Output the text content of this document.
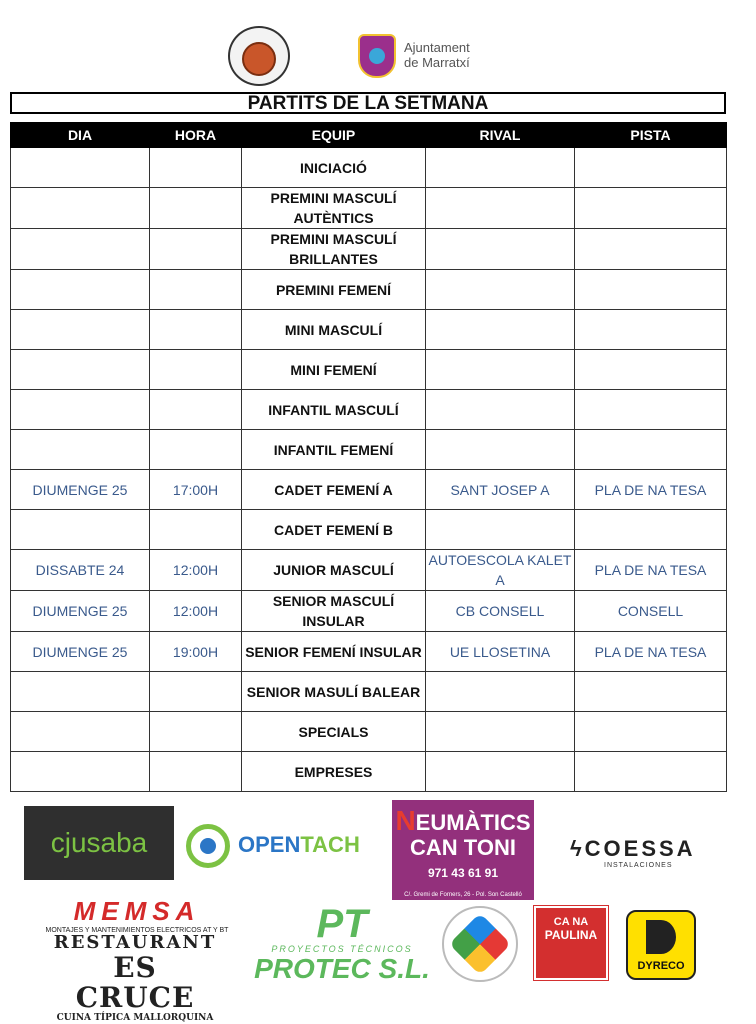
Ajuntament
de Marratxí
PARTITS DE LA SETMANA
DIA	HORA	EQUIP	RIVAL	PISTA
		INICIACIÓ		
		PREMINI MASCULÍ AUTÈNTICS		
		PREMINI MASCULÍ BRILLANTES		
		PREMINI FEMENÍ		
		MINI MASCULÍ		
		MINI FEMENÍ		
		INFANTIL MASCULÍ		
		INFANTIL FEMENÍ		
DIUMENGE 25	17:00H	CADET FEMENÍ A	SANT JOSEP A	PLA DE NA TESA
		CADET FEMENÍ B		
DISSABTE 24	12:00H	JUNIOR MASCULÍ	AUTOESCOLA KALET A	PLA DE NA TESA
DIUMENGE 25	12:00H	SENIOR MASCULÍ INSULAR	CB CONSELL	CONSELL
DIUMENGE 25	19:00H	SENIOR FEMENÍ INSULAR	UE LLOSETINA	PLA DE NA TESA
		SENIOR MASULÍ BALEAR		
		SPECIALS		
		EMPRESES		
cjusaba	OPENTACH
NEUMÀTICS
CAN TONI
971 43 61 91
C/. Gremi de Forners, 26 - Pol. Son Castelló
ϟCOESSA
INSTALACIONES
MEMSA
MONTAJES Y MANTENIMIENTOS ELECTRICOS AT Y BT
RESTAURANT
ES CRUCE
CUINA TÍPICA MALLORQUINA
PT
PROYECTOS TÉCNICOS
PROTEC S.L.
CA NA
PAULINA
DYRECO
